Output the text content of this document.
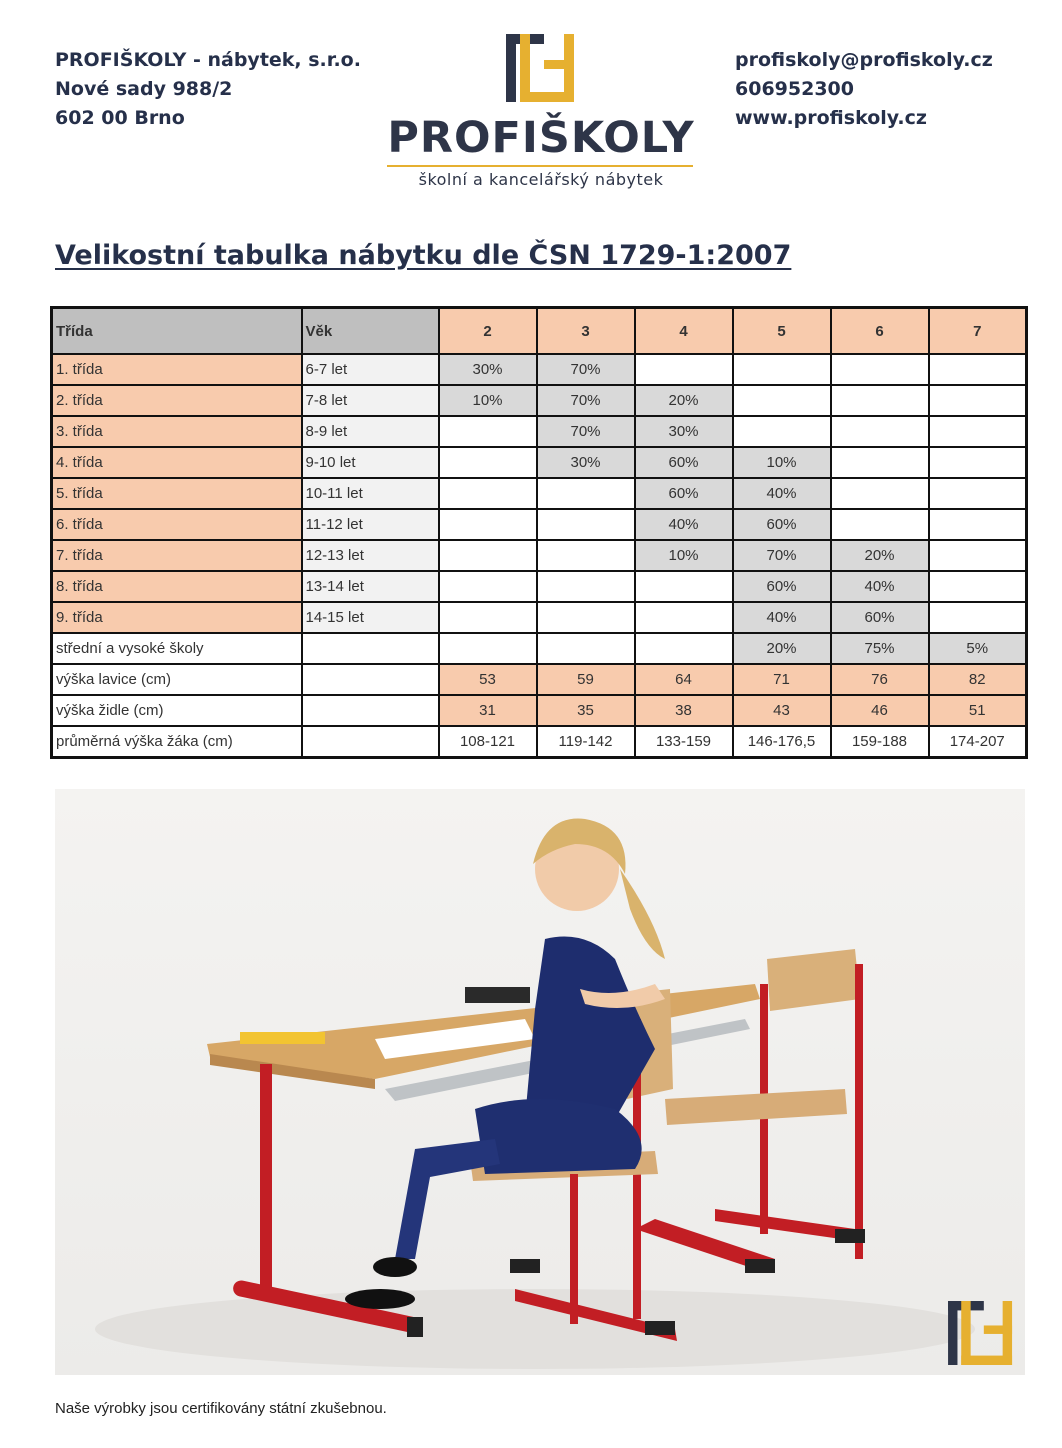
PROFIŠKOLY - nábytek, s.r.o.
Nové sady 988/2
602 00 Brno	PROFIŠKOLY
školní a kancelářský nábytek
profiskoly@profiskoly.cz
606952300
www.profiskoly.cz
Velikostní tabulka nábytku dle ČSN 1729-1:2007
Třída	Věk	2	3	4	5	6	7
1. třída	6-7 let	30%	70%				
2. třída	7-8 let	10%	70%	20%			
3. třída	8-9 let		70%	30%			
4. třída	9-10 let		30%	60%	10%		
5. třída	10-11 let			60%	40%		
6. třída	11-12 let			40%	60%		
7. třída	12-13 let			10%	70%	20%	
8. třída	13-14 let				60%	40%	
9. třída	14-15 let				40%	60%	
střední a vysoké školy					20%	75%	5%
výška lavice (cm)		53	59	64	71	76	82
výška židle (cm)		31	35	38	43	46	51
průměrná výška žáka (cm)		108-121	119-142	133-159	146-176,5	159-188	174-207
Naše výrobky jsou certifikovány státní zkušebnou.
